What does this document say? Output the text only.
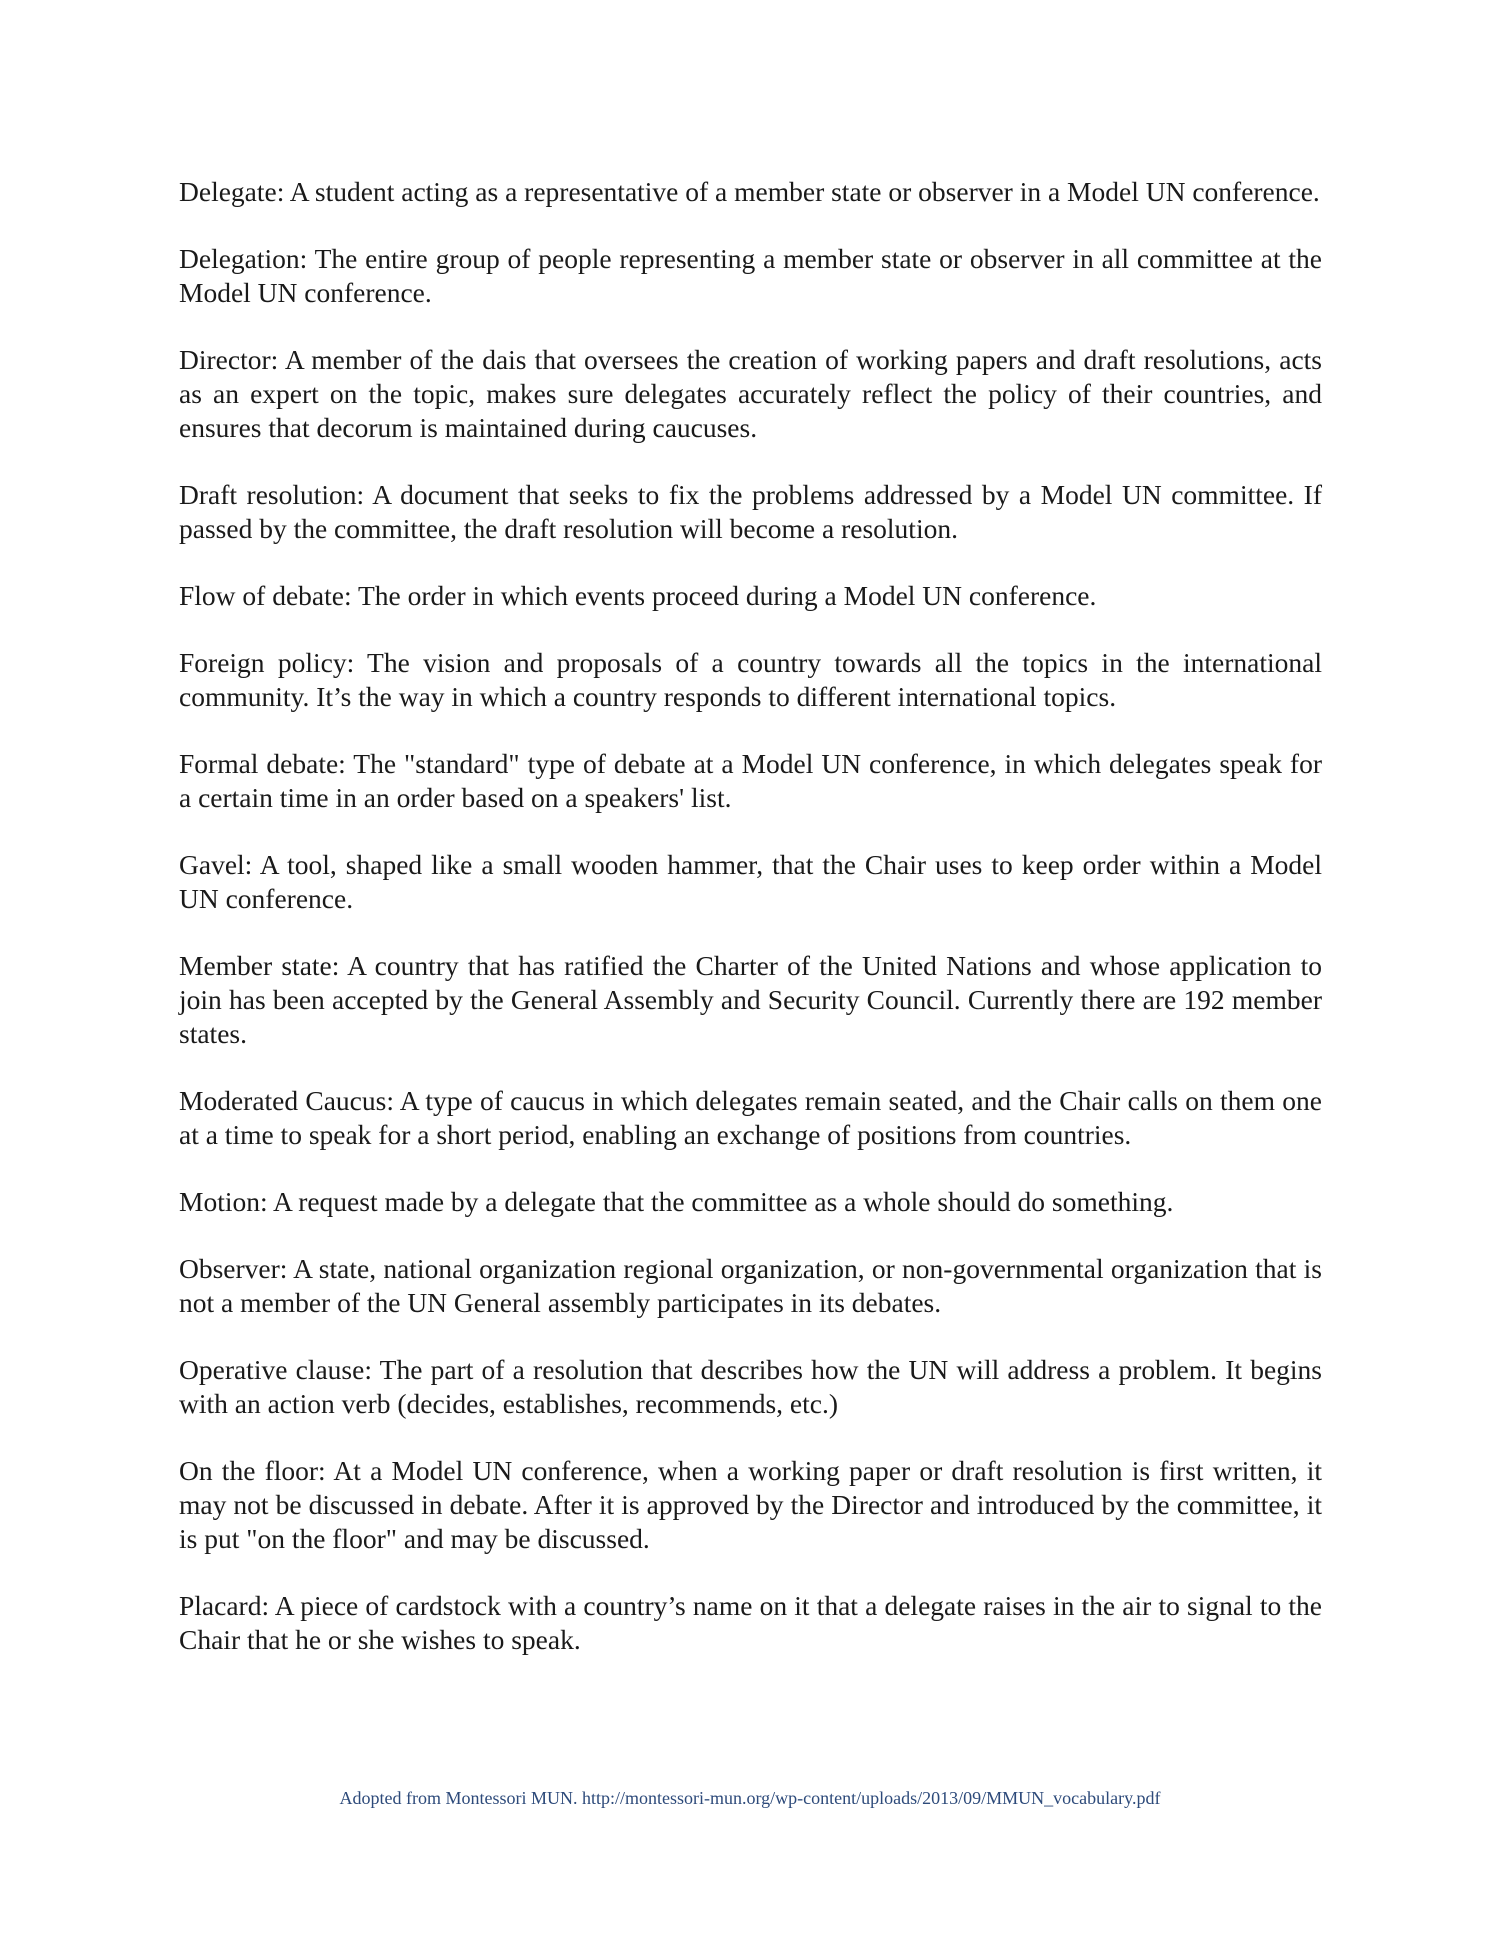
Delegate: A student acting as a representative of a member state or observer in a Model UN conference.

Delegation: The entire group of people representing a member state or observer in all committee at the Model UN conference.

Director: A member of the dais that oversees the creation of working papers and draft resolutions, acts as an expert on the topic, makes sure delegates accurately reflect the policy of their countries, and ensures that decorum is maintained during caucuses.

Draft resolution: A document that seeks to fix the problems addressed by a Model UN committee. If passed by the committee, the draft resolution will become a resolution.

Flow of debate: The order in which events proceed during a Model UN conference.

Foreign policy: The vision and proposals of a country towards all the topics in the international community. It’s the way in which a country responds to different international topics.

Formal debate: The "standard" type of debate at a Model UN conference, in which delegates speak for a certain time in an order based on a speakers' list.

Gavel: A tool, shaped like a small wooden hammer, that the Chair uses to keep order within a Model UN conference.

Member state: A country that has ratified the Charter of the United Nations and whose application to join has been accepted by the General Assembly and Security Council. Currently there are 192 member states.

Moderated Caucus: A type of caucus in which delegates remain seated, and the Chair calls on them one at a time to speak for a short period, enabling an exchange of positions from countries.

Motion: A request made by a delegate that the committee as a whole should do something.

Observer: A state, national organization regional organization, or non-governmental organization that is not a member of the UN General assembly participates in its debates.

Operative clause: The part of a resolution that describes how the UN will address a problem. It begins with an action verb (decides, establishes, recommends, etc.)

On the floor: At a Model UN conference, when a working paper or draft resolution is first written, it may not be discussed in debate. After it is approved by the Director and introduced by the committee, it is put "on the floor" and may be discussed.

Placard: A piece of cardstock with a country’s name on it that a delegate raises in the air to signal to the Chair that he or she wishes to speak.

Adopted from Montessori MUN. http://montessori-mun.org/wp-content/uploads/2013/09/MMUN_vocabulary.pdf
